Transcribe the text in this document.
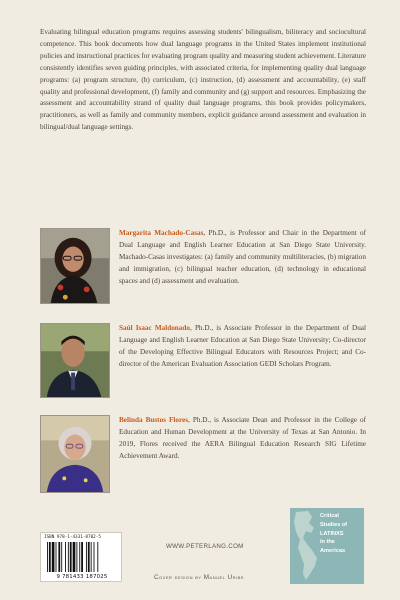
Evaluating bilingual education programs requires assessing students' bilingualism, biliteracy and sociocultural competence. This book documents how dual language programs in the United States implement institutional policies and instructional practices for evaluating program quality and measuring student achievement. Literature consistently identifies seven guiding principles, with associated criteria, for implementing quality dual language programs: (a) program structure, (b) curriculum, (c) instruction, (d) assessment and accountability, (e) staff quality and professional development, (f) family and community and (g) support and resources. Emphasizing the assessment and accountability strand of quality dual language programs, this book provides policymakers, practitioners, as well as family and community members, explicit guidance around assessment and evaluation in bilingual/dual language settings.
Margarita Machado-Casas, Ph.D., is Professor and Chair in the Department of Dual Language and English Learner Education at San Diego State University. Machado-Casas investigates: (a) family and community multiliteracies, (b) migration and immigration, (c) bilingual teacher education, (d) technology in educational spaces and (d) assessment and evaluation.
Saúl Isaac Maldonado, Ph.D., is Associate Professor in the Department of Dual Language and English Learner Education at San Diego State University; Co-director of the Developing Effective Bilingual Educators with Resources Project; and Co-director of the American Evaluation Association GEDI Scholars Program.
Belinda Bustos Flores, Ph.D., is Associate Dean and Professor in the College of Education and Human Development at the University of Texas at San Antonio. In 2019, Flores received the AERA Bilingual Education Research SIG Lifetime Achievement Award.
ISBN 978-1-4331-8702-5
9 781433 187025
WWW.PETERLANG.COM
Cover design by Manuel Uribe
Critical
Studies of
LATINXS
in the
Americas
